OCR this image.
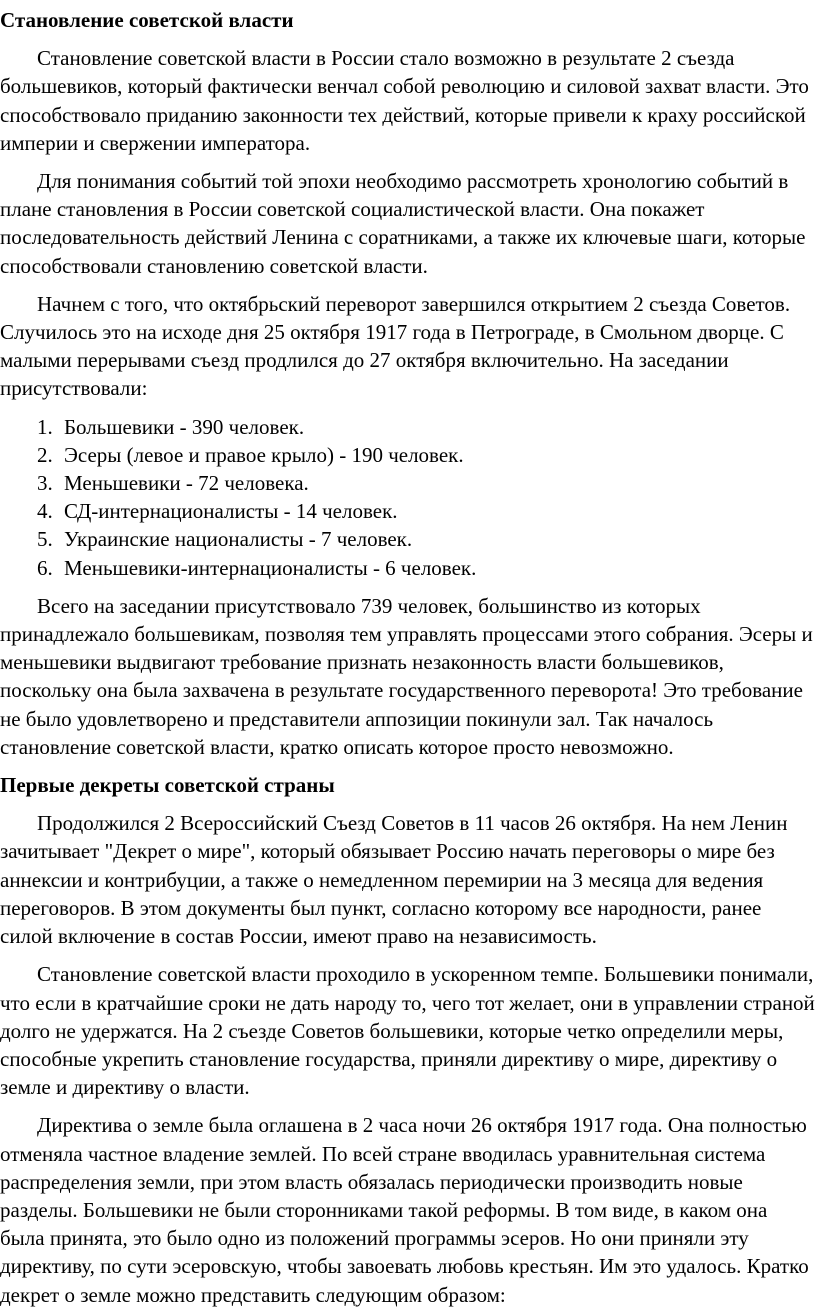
Становление советской власти

Становление советской власти в России стало возможно в результате 2 съезда большевиков, который фактически венчал собой революцию и силовой захват власти. Это способствовало приданию законности тех действий, которые привели к краху российской империи и свержении императора.

Для понимания событий той эпохи необходимо рассмотреть хронологию событий в плане становления в России советской социалистической власти. Она покажет последовательность действий Ленина с соратниками, а также их ключевые шаги, которые способствовали становлению советской власти.

Начнем с того, что октябрьский переворот завершился открытием 2 съезда Советов. Случилось это на исходе дня 25 октября 1917 года в Петрограде, в Смольном дворце. С малыми перерывами съезд продлился до 27 октября включительно. На заседании присутствовали:

1. Большевики - 390 человек.
2. Эсеры (левое и правое крыло) - 190 человек.
3. Меньшевики - 72 человека.
4. СД-интернационалисты - 14 человек.
5. Украинские националисты - 7 человек.
6. Меньшевики-интернационалисты - 6 человек.

Всего на заседании присутствовало 739 человек, большинство из которых принадлежало большевикам, позволяя тем управлять процессами этого собрания. Эсеры и меньшевики выдвигают требование признать незаконность власти большевиков, поскольку она была захвачена в результате государственного переворота! Это требование не было удовлетворено и представители аппозиции покинули зал. Так началось становление советской власти, кратко описать которое просто невозможно.

Первые декреты советской страны

Продолжился 2 Всероссийский Съезд Советов в 11 часов 26 октября. На нем Ленин зачитывает "Декрет о мире", который обязывает Россию начать переговоры о мире без аннексии и контрибуции, а также о немедленном перемирии на 3 месяца для ведения переговоров. В этом документы был пункт, согласно которому все народности, ранее силой включение в состав России, имеют право на независимость.

Становление советской власти проходило в ускоренном темпе. Большевики понимали, что если в кратчайшие сроки не дать народу то, чего тот желает, они в управлении страной долго не удержатся. На 2 съезде Советов большевики, которые четко определили меры, способные укрепить становление государства, приняли директиву о мире, директиву о земле и директиву о власти.

Директива о земле была оглашена в 2 часа ночи 26 октября 1917 года. Она полностью отменяла частное владение землей. По всей стране вводилась уравнительная система распределения земли, при этом власть обязалась периодически производить новые разделы. Большевики не были сторонниками такой реформы. В том виде, в каком она была принята, это было одно из положений программы эсеров. Но они приняли эту директиву, по сути эсеровскую, чтобы завоевать любовь крестьян. Им это удалось. Кратко декрет о земле можно представить следующим образом:
